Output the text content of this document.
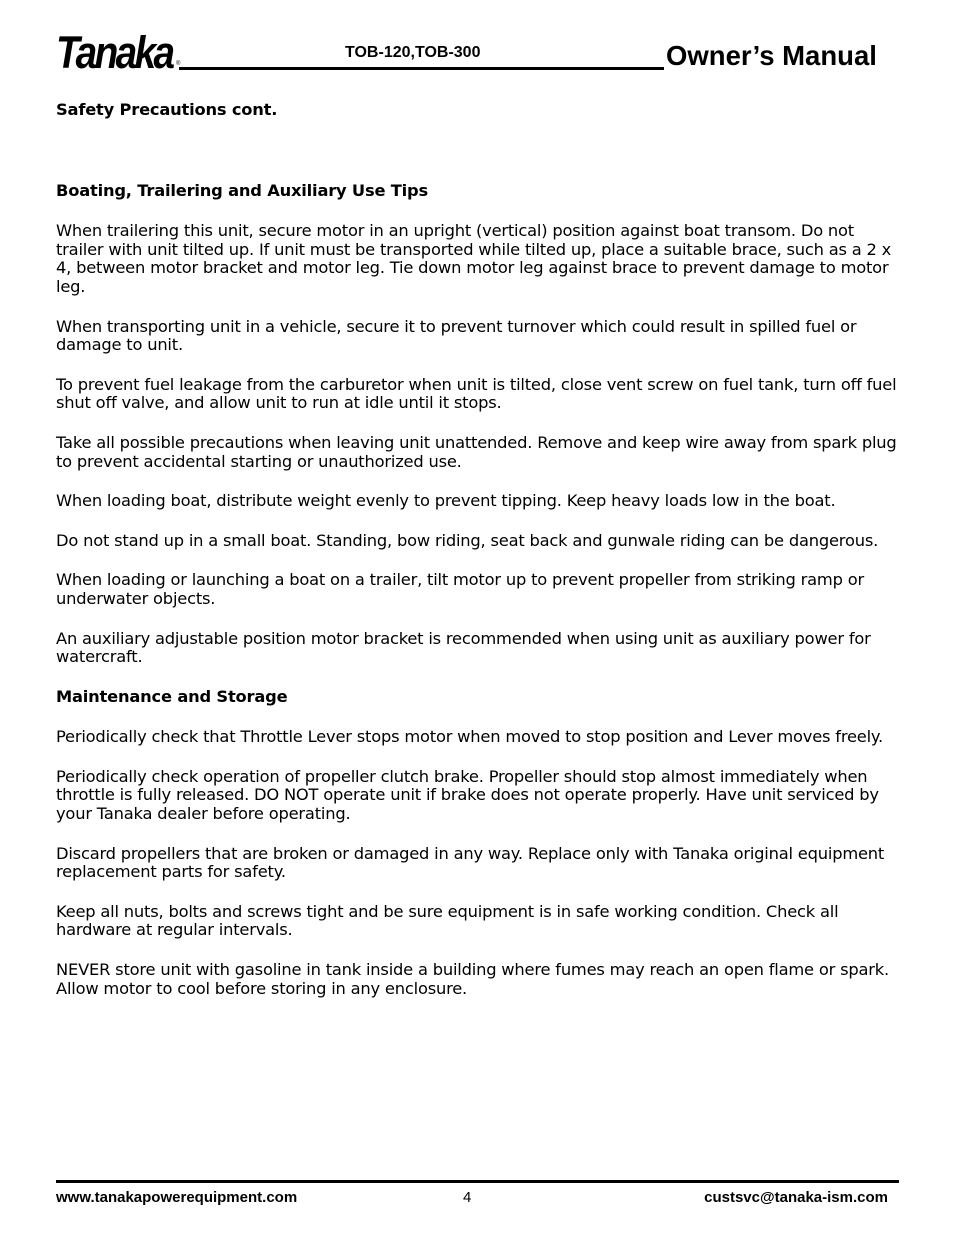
Tanaka ®
TOB-120,TOB-300	Owner’s Manual
Safety Precautions cont.
Boating, Trailering and Auxiliary Use Tips

When trailering this unit, secure motor in an upright (vertical) position against boat transom. Do not trailer with unit tilted up. If unit must be transported while tilted up, place a suitable brace, such as a 2 x 4, between motor bracket and motor leg. Tie down motor leg against brace to prevent damage to motor leg.

When transporting unit in a vehicle, secure it to prevent turnover which could result in spilled fuel or damage to unit.

To prevent fuel leakage from the carburetor when unit is tilted, close vent screw on fuel tank, turn off fuel shut off valve, and allow unit to run at idle until it stops.

Take all possible precautions when leaving unit unattended. Remove and keep wire away from spark plug to prevent accidental starting or unauthorized use.

When loading boat, distribute weight evenly to prevent tipping. Keep heavy loads low in the boat.

Do not stand up in a small boat. Standing, bow riding, seat back and gunwale riding can be dangerous.

When loading or launching a boat on a trailer, tilt motor up to prevent propeller from striking ramp or underwater objects.

An auxiliary adjustable position motor bracket is recommended when using unit as auxiliary power for watercraft.

Maintenance and Storage

Periodically check that Throttle Lever stops motor when moved to stop position and Lever moves freely.

Periodically check operation of propeller clutch brake. Propeller should stop almost immediately when throttle is fully released. DO NOT operate unit if brake does not operate properly. Have unit serviced by your Tanaka dealer before operating.

Discard propellers that are broken or damaged in any way. Replace only with Tanaka original equipment replacement parts for safety.

Keep all nuts, bolts and screws tight and be sure equipment is in safe working condition. Check all hardware at regular intervals.

NEVER store unit with gasoline in tank inside a building where fumes may reach an open flame or spark. Allow motor to cool before storing in any enclosure.

www.tanakapowerequipment.com	4	custsvc@tanaka-ism.com
